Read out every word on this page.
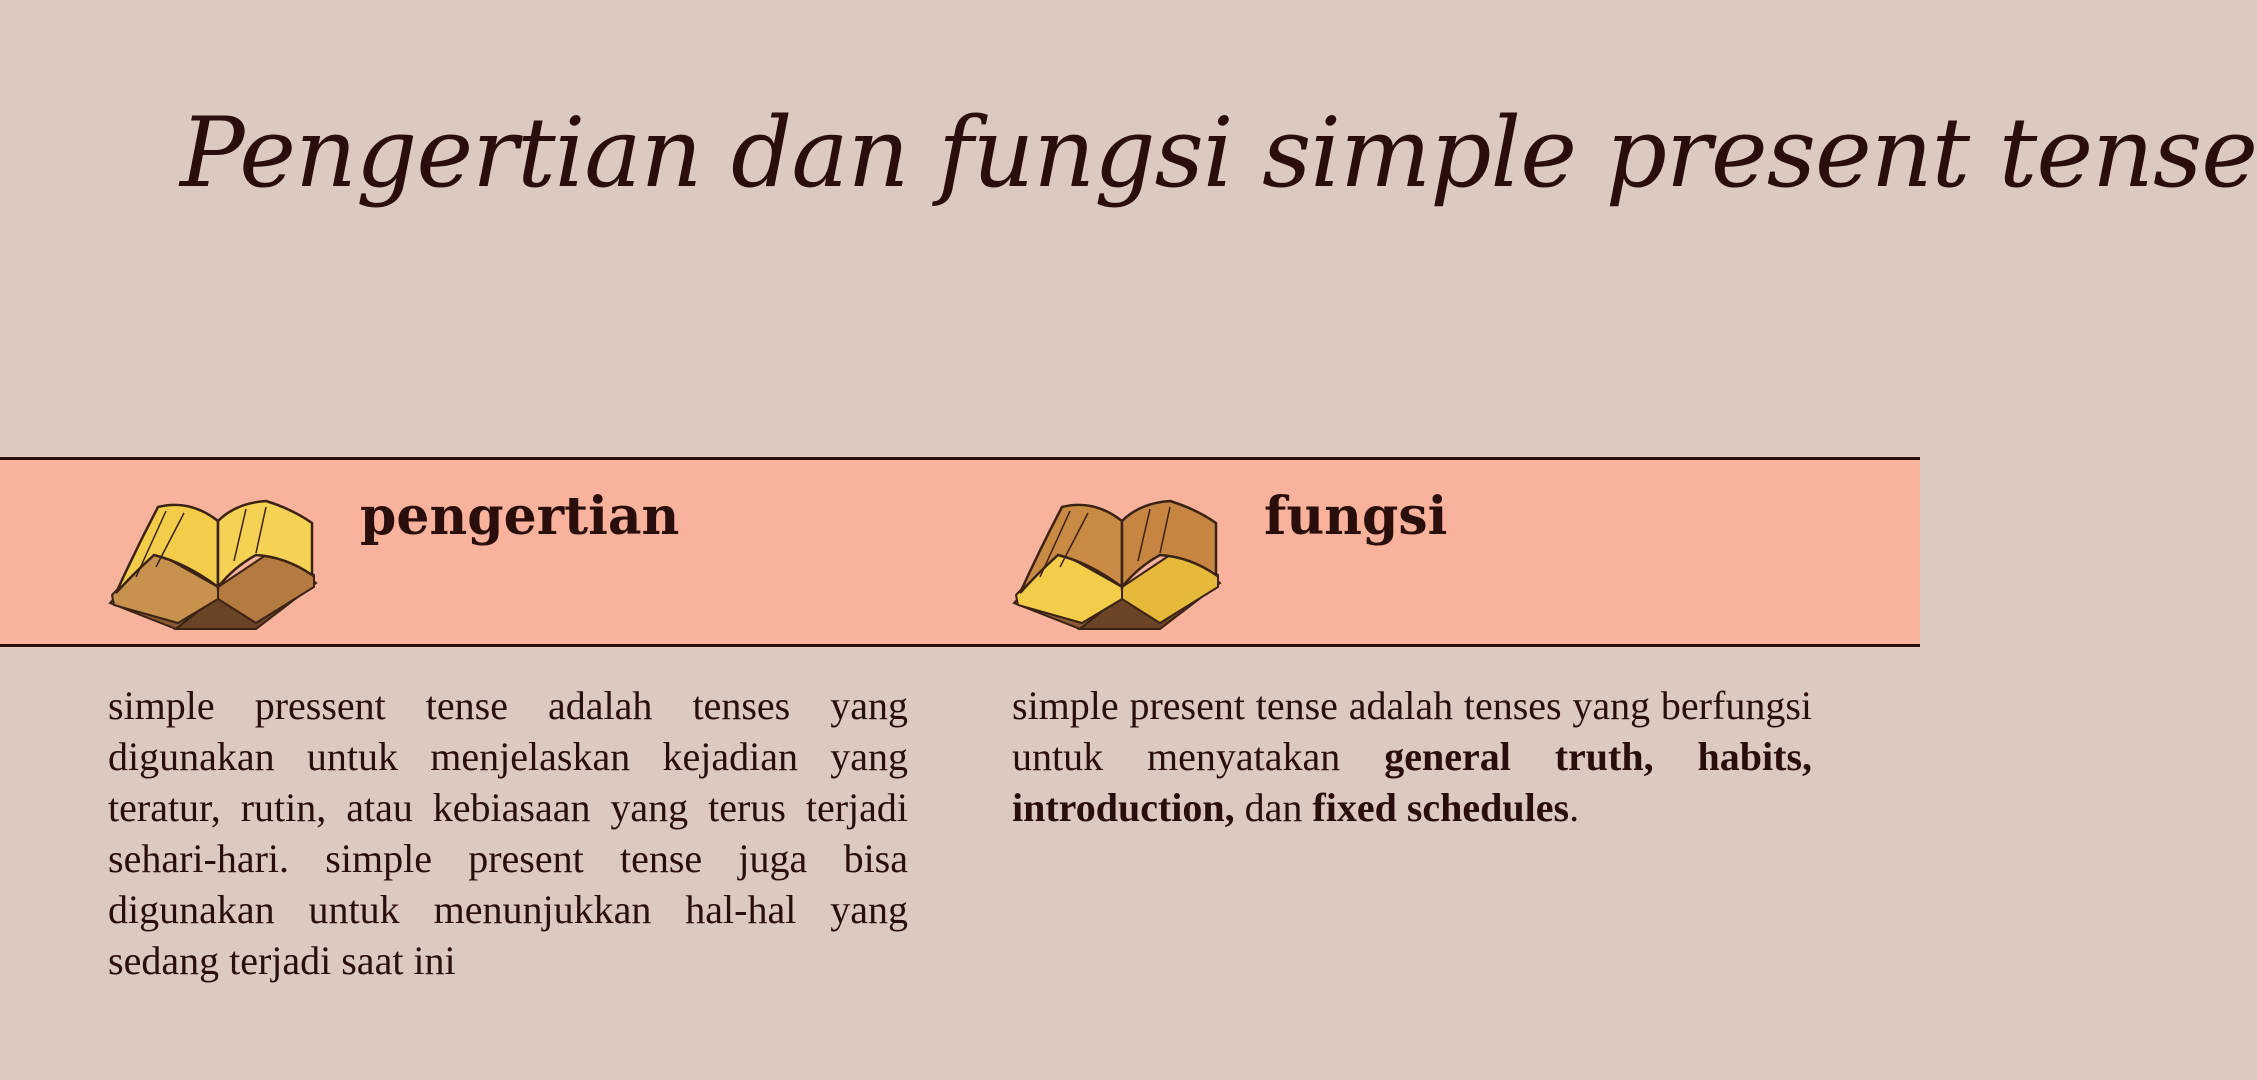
Pengertian dan fungsi simple present tense
pengertian	fungsi

simple pressent tense adalah tenses yang digunakan untuk menjelaskan kejadian yang teratur, rutin, atau kebiasaan yang terus terjadi sehari-hari. simple present tense juga bisa digunakan untuk menunjukkan hal-hal yang sedang terjadi saat ini

simple present tense adalah tenses yang berfungsi untuk menyatakan general truth, habits, introduction, dan fixed schedules.
